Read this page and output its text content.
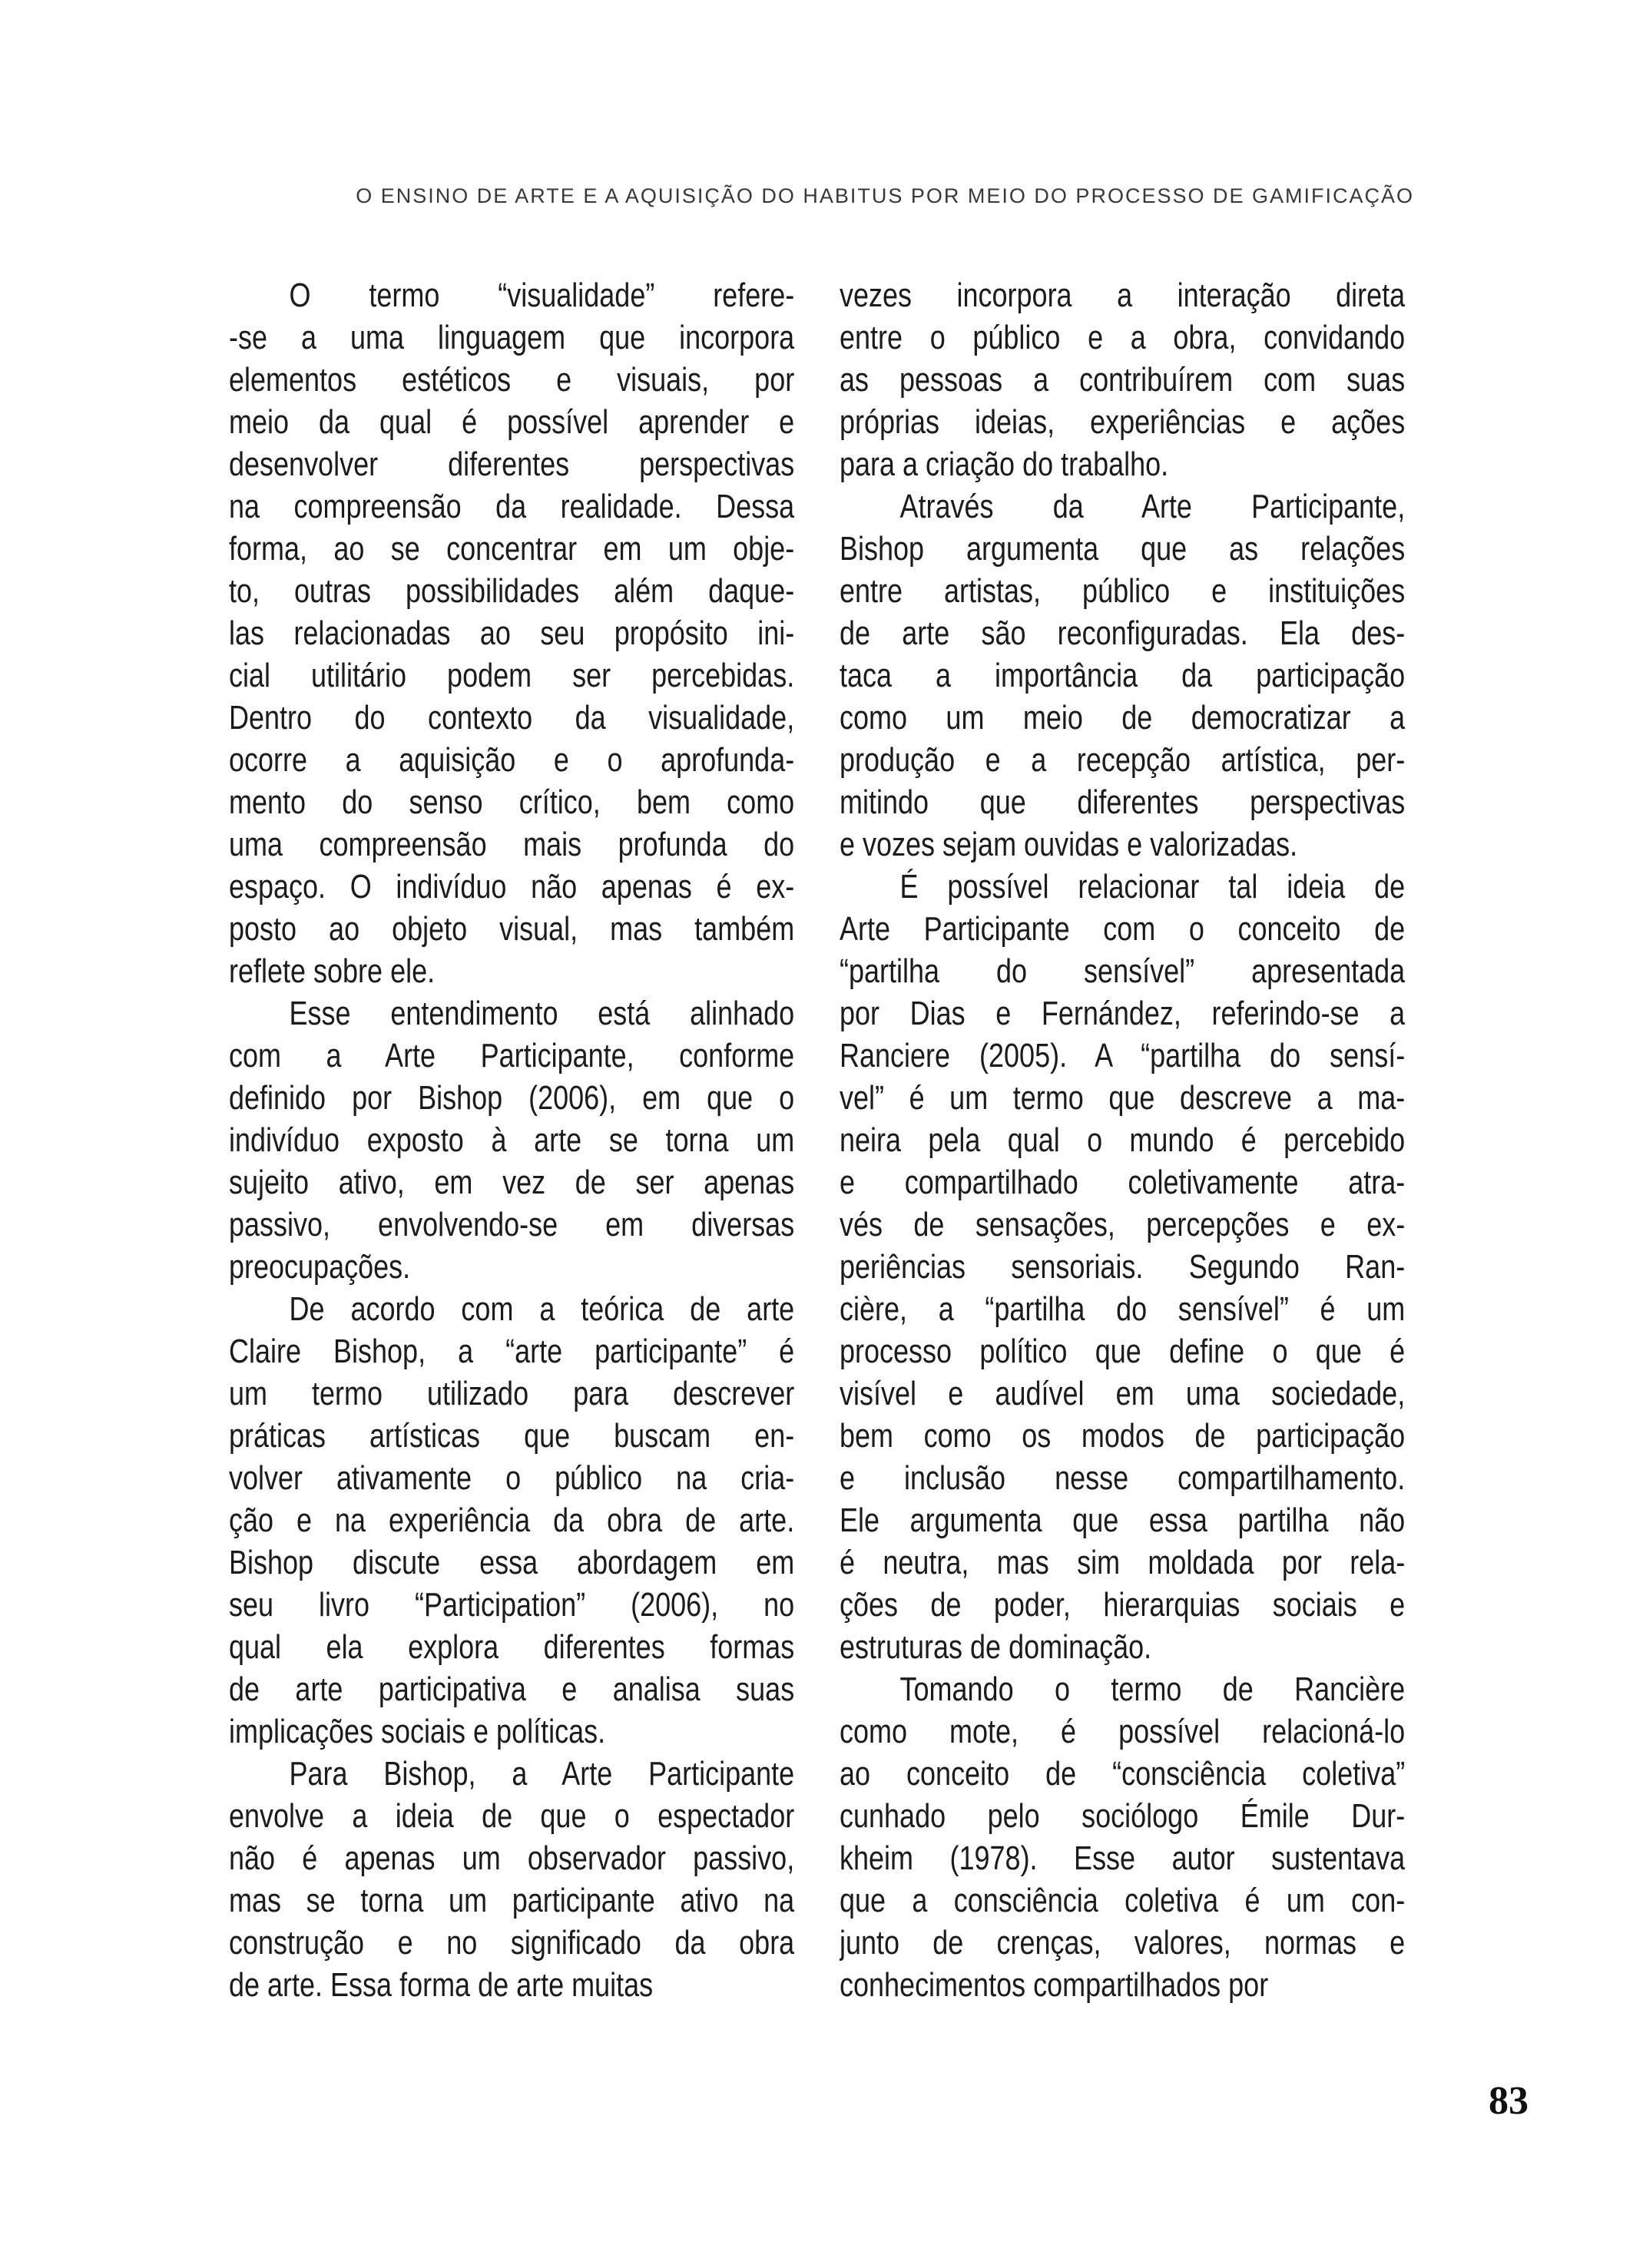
O ENSINO DE ARTE E A AQUISIÇÃO DO HABITUS POR MEIO DO PROCESSO DE GAMIFICAÇÃO
O termo “visualidade” refere-
-se a uma linguagem que incorpora
elementos estéticos e visuais, por
meio da qual é possível aprender e
desenvolver diferentes perspectivas
na compreensão da realidade. Dessa
forma, ao se concentrar em um obje-
to, outras possibilidades além daque-
las relacionadas ao seu propósito ini-
cial utilitário podem ser percebidas.
Dentro do contexto da visualidade,
ocorre a aquisição e o aprofunda-
mento do senso crítico, bem como
uma compreensão mais profunda do
espaço. O indivíduo não apenas é ex-
posto ao objeto visual, mas também
reflete sobre ele.
Esse entendimento está alinhado
com a Arte Participante, conforme
definido por Bishop (2006), em que o
indivíduo exposto à arte se torna um
sujeito ativo, em vez de ser apenas
passivo, envolvendo-se em diversas
preocupações.
De acordo com a teórica de arte
Claire Bishop, a “arte participante” é
um termo utilizado para descrever
práticas artísticas que buscam en-
volver ativamente o público na cria-
ção e na experiência da obra de arte.
Bishop discute essa abordagem em
seu livro “Participation” (2006), no
qual ela explora diferentes formas
de arte participativa e analisa suas
implicações sociais e políticas.
Para Bishop, a Arte Participante
envolve a ideia de que o espectador
não é apenas um observador passivo,
mas se torna um participante ativo na
construção e no significado da obra
de arte. Essa forma de arte muitas
vezes incorpora a interação direta
entre o público e a obra, convidando
as pessoas a contribuírem com suas
próprias ideias, experiências e ações
para a criação do trabalho.
Através da Arte Participante,
Bishop argumenta que as relações
entre artistas, público e instituições
de arte são reconfiguradas. Ela des-
taca a importância da participação
como um meio de democratizar a
produção e a recepção artística, per-
mitindo que diferentes perspectivas
e vozes sejam ouvidas e valorizadas.
É possível relacionar tal ideia de
Arte Participante com o conceito de
“partilha do sensível” apresentada
por Dias e Fernández, referindo-se a
Ranciere (2005). A “partilha do sensí-
vel” é um termo que descreve a ma-
neira pela qual o mundo é percebido
e compartilhado coletivamente atra-
vés de sensações, percepções e ex-
periências sensoriais. Segundo Ran-
cière, a “partilha do sensível” é um
processo político que define o que é
visível e audível em uma sociedade,
bem como os modos de participação
e inclusão nesse compartilhamento.
Ele argumenta que essa partilha não
é neutra, mas sim moldada por rela-
ções de poder, hierarquias sociais e
estruturas de dominação.
Tomando o termo de Rancière
como mote, é possível relacioná-lo
ao conceito de “consciência coletiva”
cunhado pelo sociólogo Émile Dur-
kheim (1978). Esse autor sustentava
que a consciência coletiva é um con-
junto de crenças, valores, normas e
conhecimentos compartilhados por
83
